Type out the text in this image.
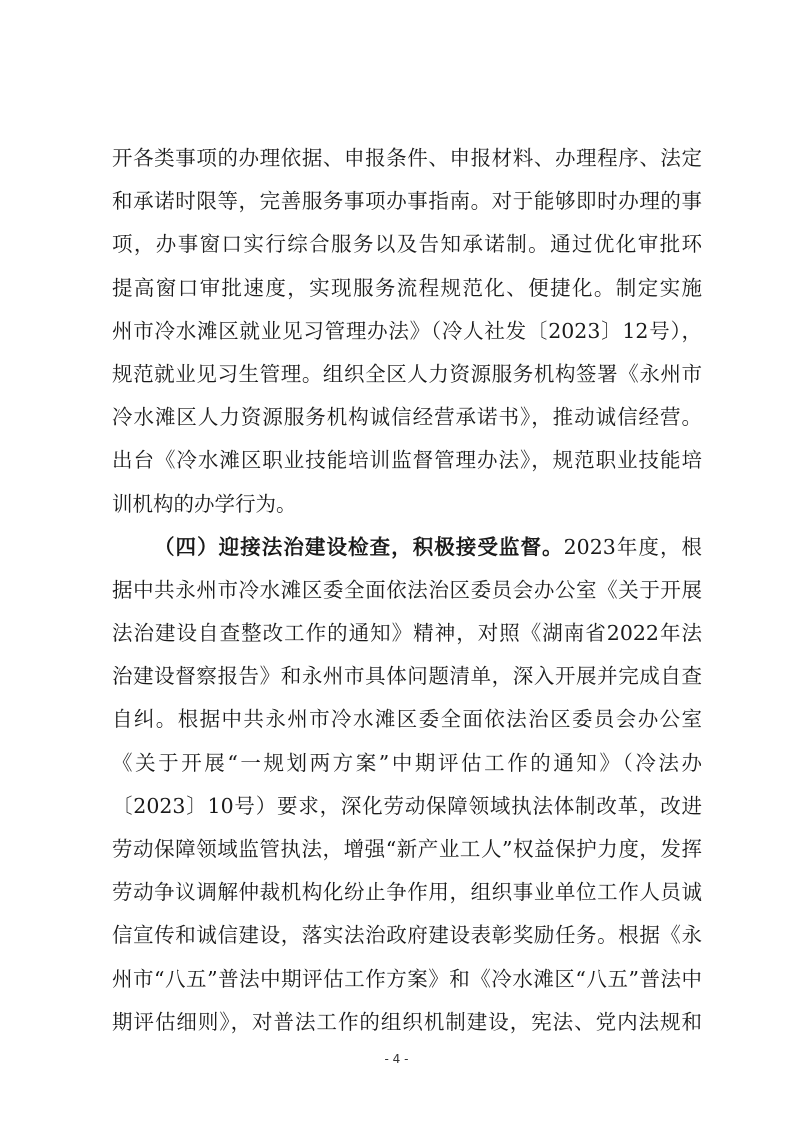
开各类事项的办理依据、申报条件、申报材料、办理程序、法定
和承诺时限等，完善服务事项办事指南。对于能够即时办理的事
项，办事窗口实行综合服务以及告知承诺制。通过优化审批环
提高窗口审批速度，实现服务流程规范化、便捷化。制定实施
州市冷水滩区就业见习管理办法》（冷人社发〔2023〕12号），
规范就业见习生管理。组织全区人力资源服务机构签署《永州市
冷水滩区人力资源服务机构诚信经营承诺书》，推动诚信经营。
出台《冷水滩区职业技能培训监督管理办法》，规范职业技能培
训机构的办学行为。
（四）迎接法治建设检查，积极接受监督。2023年度，根
据中共永州市冷水滩区委全面依法治区委员会办公室《关于开展
法治建设自查整改工作的通知》精神，对照《湖南省2022年法
治建设督察报告》和永州市具体问题清单，深入开展并完成自查
自纠。根据中共永州市冷水滩区委全面依法治区委员会办公室
《关于开展“一规划两方案”中期评估工作的通知》（冷法办
〔2023〕10号）要求，深化劳动保障领域执法体制改革，改进
劳动保障领域监管执法，增强“新产业工人”权益保护力度，发挥
劳动争议调解仲裁机构化纷止争作用，组织事业单位工作人员诚
信宣传和诚信建设，落实法治政府建设表彰奖励任务。根据《永
州市“八五”普法中期评估工作方案》和《冷水滩区“八五”普法中
期评估细则》，对普法工作的组织机制建设，宪法、党内法规和
- 4 -
